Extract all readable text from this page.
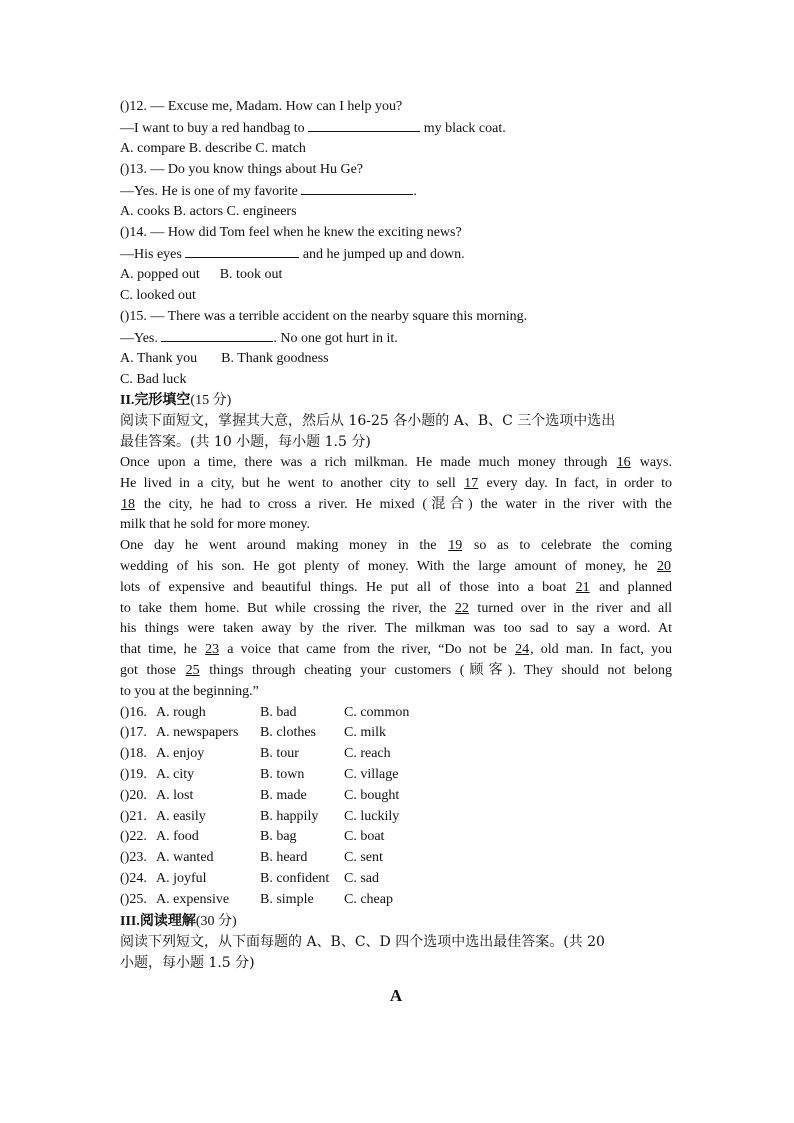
()12. — Excuse me, Madam. How can I help you?
—I want to buy a red handbag to	my black coat.
A. compare B. describe C. match
()13. — Do you know things about Hu Ge?
—Yes. He is one of my favorite	.
A. cooks B. actors C. engineers
()14. — How did Tom feel when he knew the exciting news?
—His eyes	and he jumped up and down.
A. popped out B. took out
C. looked out
()15. — There was a terrible accident on the nearby square this morning.
—Yes.	. No one got hurt in it.
A. Thank you B. Thank goodness
C. Bad luck
II.完形填空(15 分)
阅读下面短文，掌握其大意，然后从 16-25 各小题的 A、B、C 三个选项中选出
最佳答案。(共 10 小题，每小题 1.5 分)
Once upon a time, there was a rich milkman. He made much money through 16 ways.
He lived in a city, but he went to another city to sell 17 every day. In fact, in order to
18 the city, he had to cross a river. He mixed (混合) the water in the river with the
milk that he sold for more money.
One day he went around making money in the 19 so as to celebrate the coming
wedding of his son. He got plenty of money. With the large amount of money, he 20
lots of expensive and beautiful things. He put all of those into a boat 21 and planned
to take them home. But while crossing the river, the 22 turned over in the river and all
his things were taken away by the river. The milkman was too sad to say a word. At
that time, he 23 a voice that came from the river, “Do not be 24, old man. In fact, you
got those 25 things through cheating your customers (顾客). They should not belong
to you at the beginning.”
()16. A. rough	B. bad	C. common
()17. A. newspapers B. clothes C. milk
()18. A. enjoy	B. tour	C. reach
()19. A. city	B. town	C. village
()20. A. lost	B. made	C. bought
()21. A. easily	B. happily C. luckily
()22. A. food	B. bag	C. boat
()23. A. wanted	B. heard	C. sent
()24. A. joyful	B. confident C. sad
()25. A. expensive B. simple C. cheap
III.阅读理解(30 分)
阅读下列短文，从下面每题的 A、B、C、D 四个选项中选出最佳答案。(共 20
小题，每小题 1.5 分)
A
